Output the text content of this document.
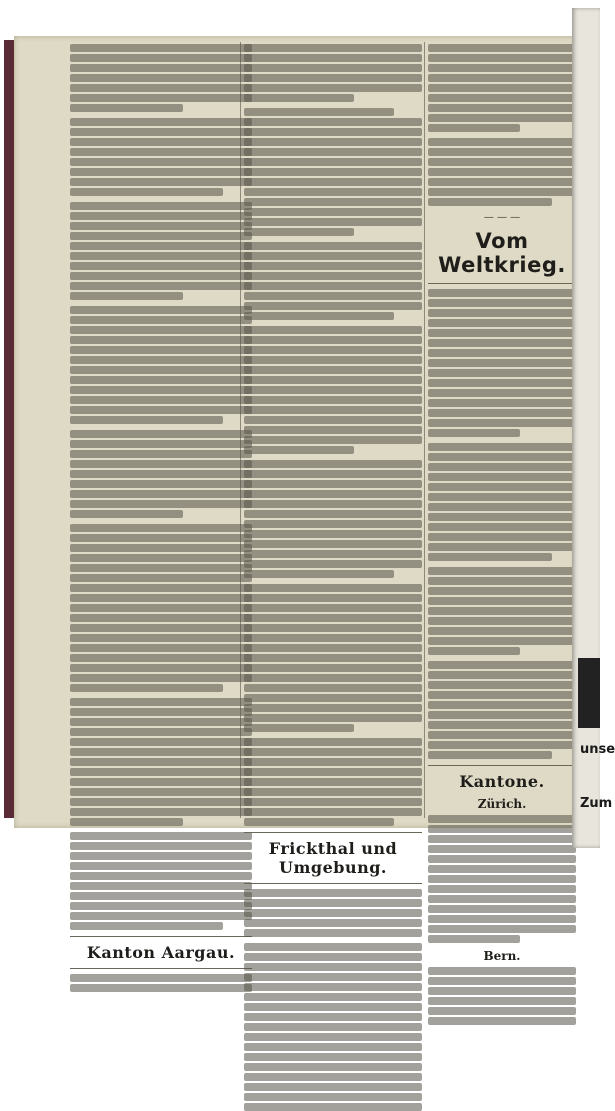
Kanton Aargau.
Frickthal und Umgebung.
— — —
Vom Weltkrieg.
Kantone.
Zürich.
Bern.
unse
Zum
